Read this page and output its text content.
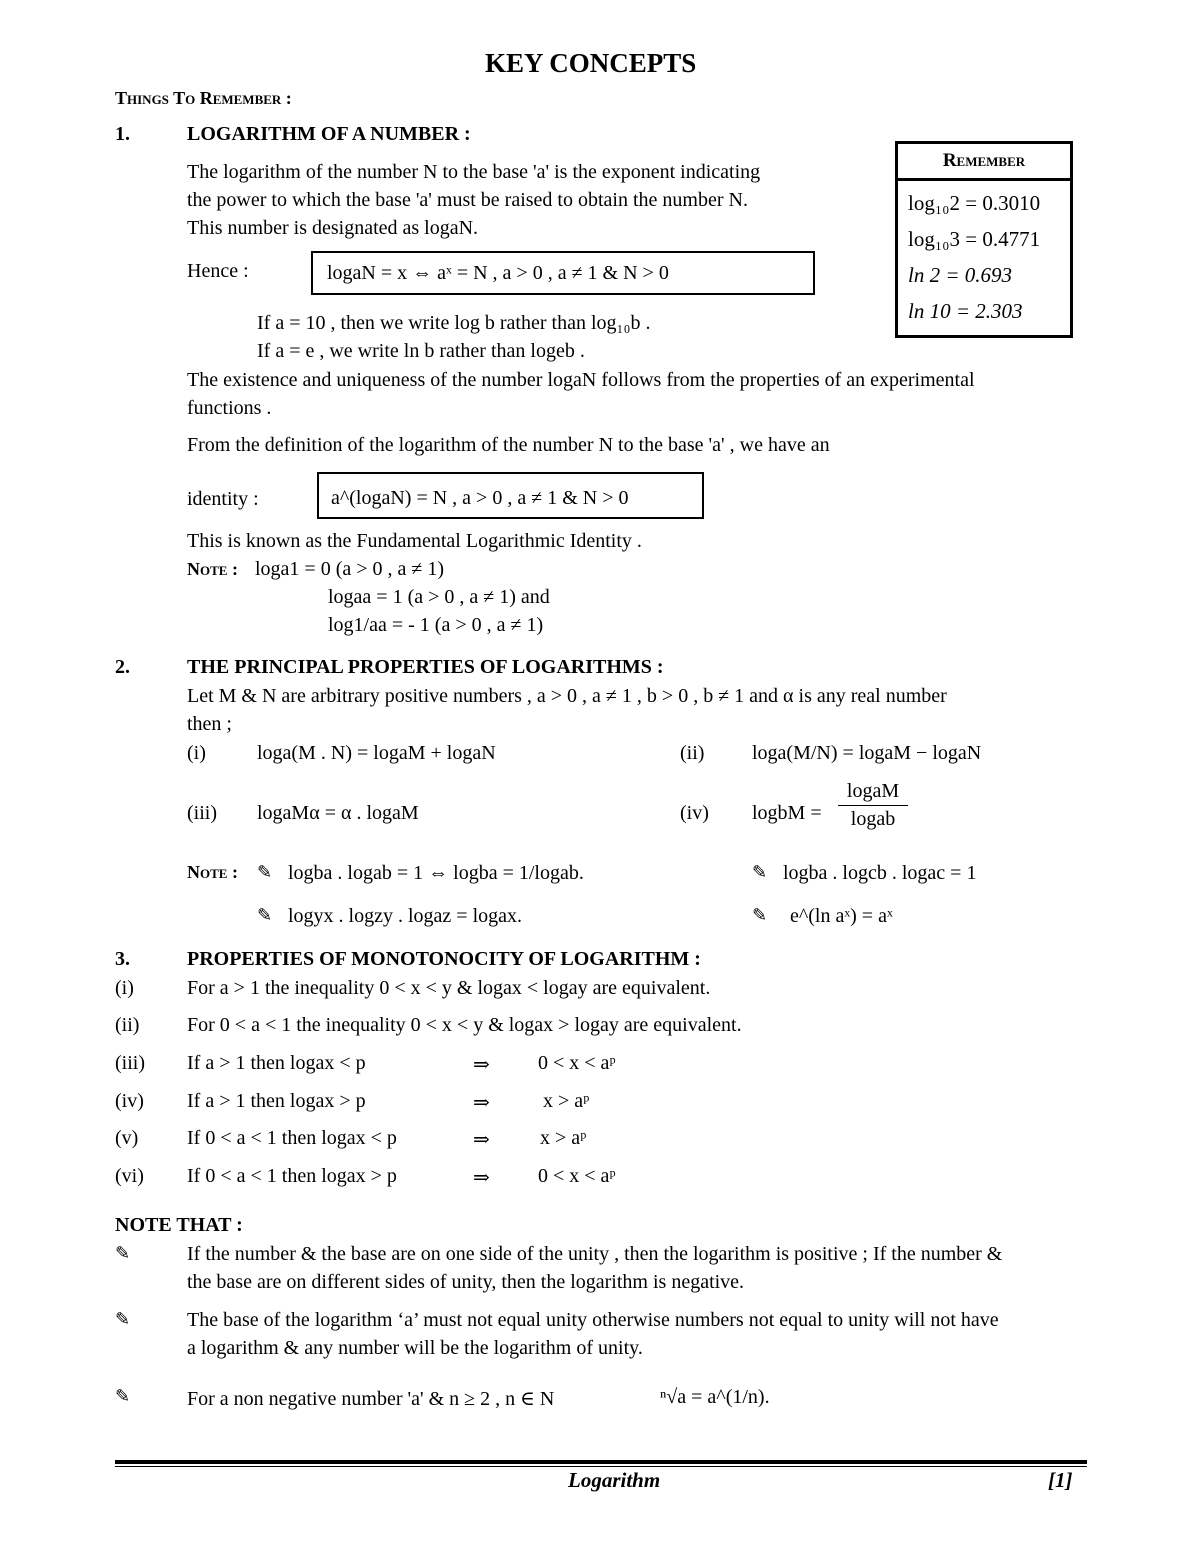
KEY CONCEPTS
Things To Remember :
1.	LOGARITHM OF A NUMBER :
The logarithm of the number N to the base 'a' is the exponent indicating
the power to which the base 'a' must be raised to obtain the number N.
This number is designated as logaN.
Hence :	logaN = x ⇔ aˣ = N , a > 0 , a ≠ 1 & N > 0
If a = 10 , then we write log b rather than log₁₀b .
If a = e , we write ln b rather than logeb .
The existence and uniqueness of the number logaN follows from the properties of an experimental
functions .
From the definition of the logarithm of the number N to the base 'a' , we have an
identity :	a^(logaN) = N , a > 0 , a ≠ 1 & N > 0
This is known as the Fundamental Logarithmic Identity .
Note : loga1 = 0 (a > 0 , a ≠ 1)
logaa = 1 (a > 0 , a ≠ 1) and
log1/aa = - 1 (a > 0 , a ≠ 1)
Remember
log₁₀2 = 0.3010
log₁₀3 = 0.4771
ln 2 = 0.693
ln 10 = 2.303
2.	THE PRINCIPAL PROPERTIES OF LOGARITHMS :
Let M & N are arbitrary positive numbers , a > 0 , a ≠ 1 , b > 0 , b ≠ 1 and α is any real number
then ;
(i)	loga(M . N) = logaM + logaN	(ii) loga(M/N) = logaM − logaN
(iii) logaMα = α . logaM	(iv) logbM =
logaM
logab
Note : ✎ logba . logab = 1 ⇔ logba = 1/logab.	✎ logba . logcb . logac = 1
✎ logyx . logzy . logaz = logax.	✎ e^(ln aˣ) = aˣ
3.	PROPERTIES OF MONOTONOCITY OF LOGARITHM :
(i)	For a > 1 the inequality 0 < x < y & logax < logay are equivalent.
(ii) For 0 < a < 1 the inequality 0 < x < y & logax > logay are equivalent.
(iii) If a > 1 then logax < p	⇒ 0 < x < aᵖ
(iv) If a > 1 then logax > p	⇒	x > aᵖ
(v) If 0 < a < 1 then logax < p	⇒	x > aᵖ
(vi) If 0 < a < 1 then logax > p	⇒ 0 < x < aᵖ
NOTE THAT :
✎	If the number & the base are on one side of the unity , then the logarithm is positive ; If the number &
the base are on different sides of unity, then the logarithm is negative.
✎	The base of the logarithm ‘a’ must not equal unity otherwise numbers not equal to unity will not have
a logarithm & any number will be the logarithm of unity.
✎	For a non negative number 'a' & n ≥ 2 , n ∈ N	ⁿ√a = a^(1/n).
Logarithm	[1]
